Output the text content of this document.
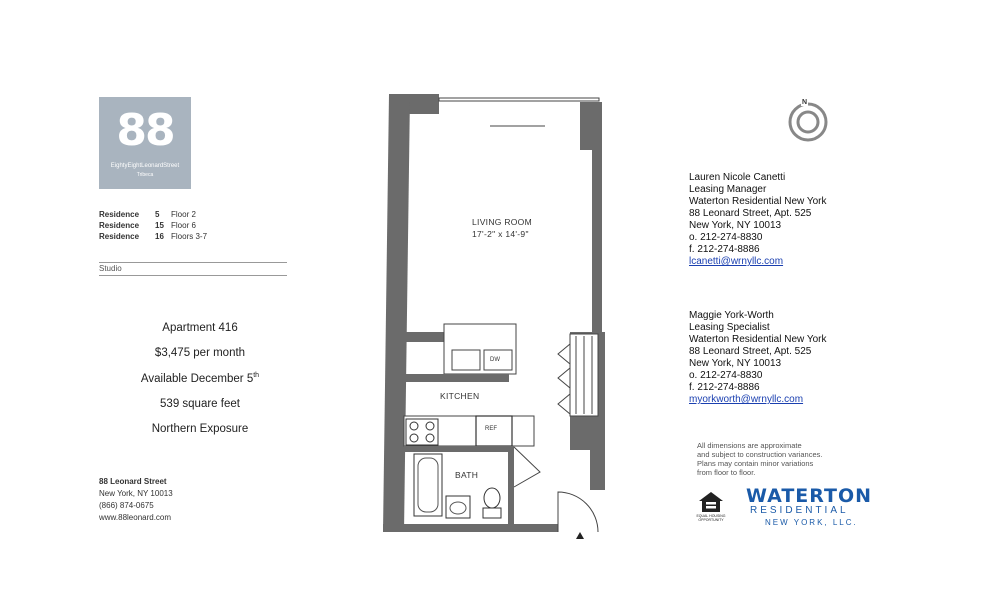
88
EightyEightLeonardStreet
Tribeca
Residence 5 Floor 2
Residence 15 Floor 6
Residence 16 Floors 3-7
Studio
Apartment 416
$3,475 per month
Available December 5th
539 square feet
Northern Exposure
88 Leonard Street
New York, NY 10013
(866) 874-0675
www.88leonard.com
LIVING ROOM
17'-2" x 14'-9"
KITCHEN
BATH
DW
REF
N
Lauren Nicole Canetti
Leasing Manager
Waterton Residential New York
88 Leonard Street, Apt. 525
New York, NY 10013
o. 212-274-8830
f. 212-274-8886
lcanetti@wrnyllc.com
Maggie York-Worth
Leasing Specialist
Waterton Residential New York
88 Leonard Street, Apt. 525
New York, NY 10013
o. 212-274-8830
f. 212-274-8886
myorkworth@wrnyllc.com
All dimensions are approximate
and subject to construction variances.
Plans may contain minor variations
from floor to floor.
EQUAL HOUSING OPPORTUNITY
WATERTON
RESIDENTIAL
NEW YORK, LLC.
